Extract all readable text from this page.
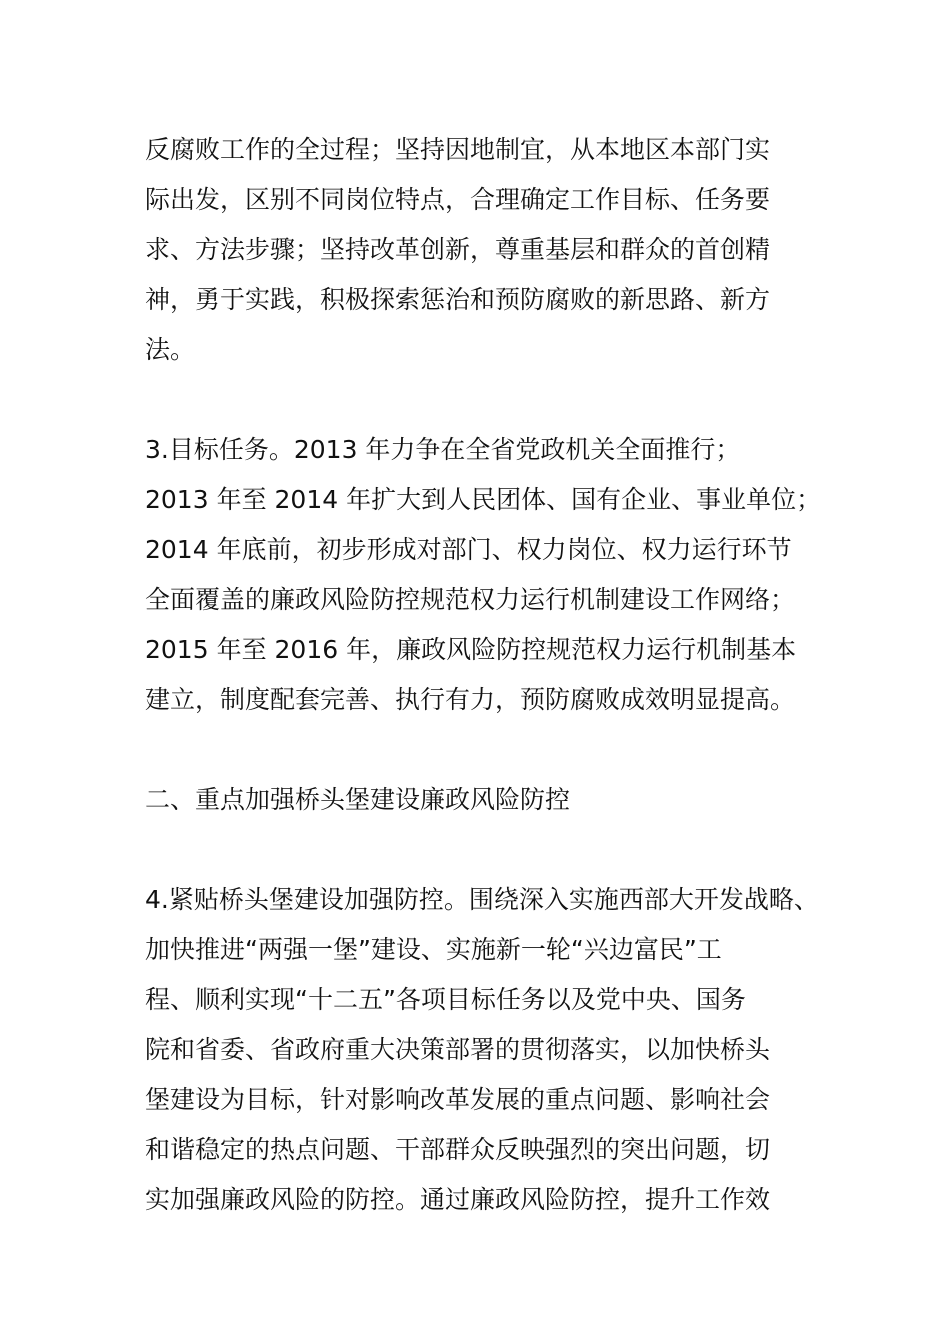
反腐败工作的全过程；坚持因地制宜，从本地区本部门实
际出发，区别不同岗位特点，合理确定工作目标、任务要
求、方法步骤；坚持改革创新，尊重基层和群众的首创精
神，勇于实践，积极探索惩治和预防腐败的新思路、新方
法。
3.目标任务。2013 年力争在全省党政机关全面推行；
2013 年至 2014 年扩大到人民团体、国有企业、事业单位；
2014 年底前，初步形成对部门、权力岗位、权力运行环节
全面覆盖的廉政风险防控规范权力运行机制建设工作网络；
2015 年至 2016 年，廉政风险防控规范权力运行机制基本
建立，制度配套完善、执行有力，预防腐败成效明显提高。
二、重点加强桥头堡建设廉政风险防控
4.紧贴桥头堡建设加强防控。围绕深入实施西部大开发战略、
加快推进“两强一堡”建设、实施新一轮“兴边富民”工
程、顺利实现“十二五”各项目标任务以及党中央、国务
院和省委、省政府重大决策部署的贯彻落实，以加快桥头
堡建设为目标，针对影响改革发展的重点问题、影响社会
和谐稳定的热点问题、干部群众反映强烈的突出问题，切
实加强廉政风险的防控。通过廉政风险防控，提升工作效
